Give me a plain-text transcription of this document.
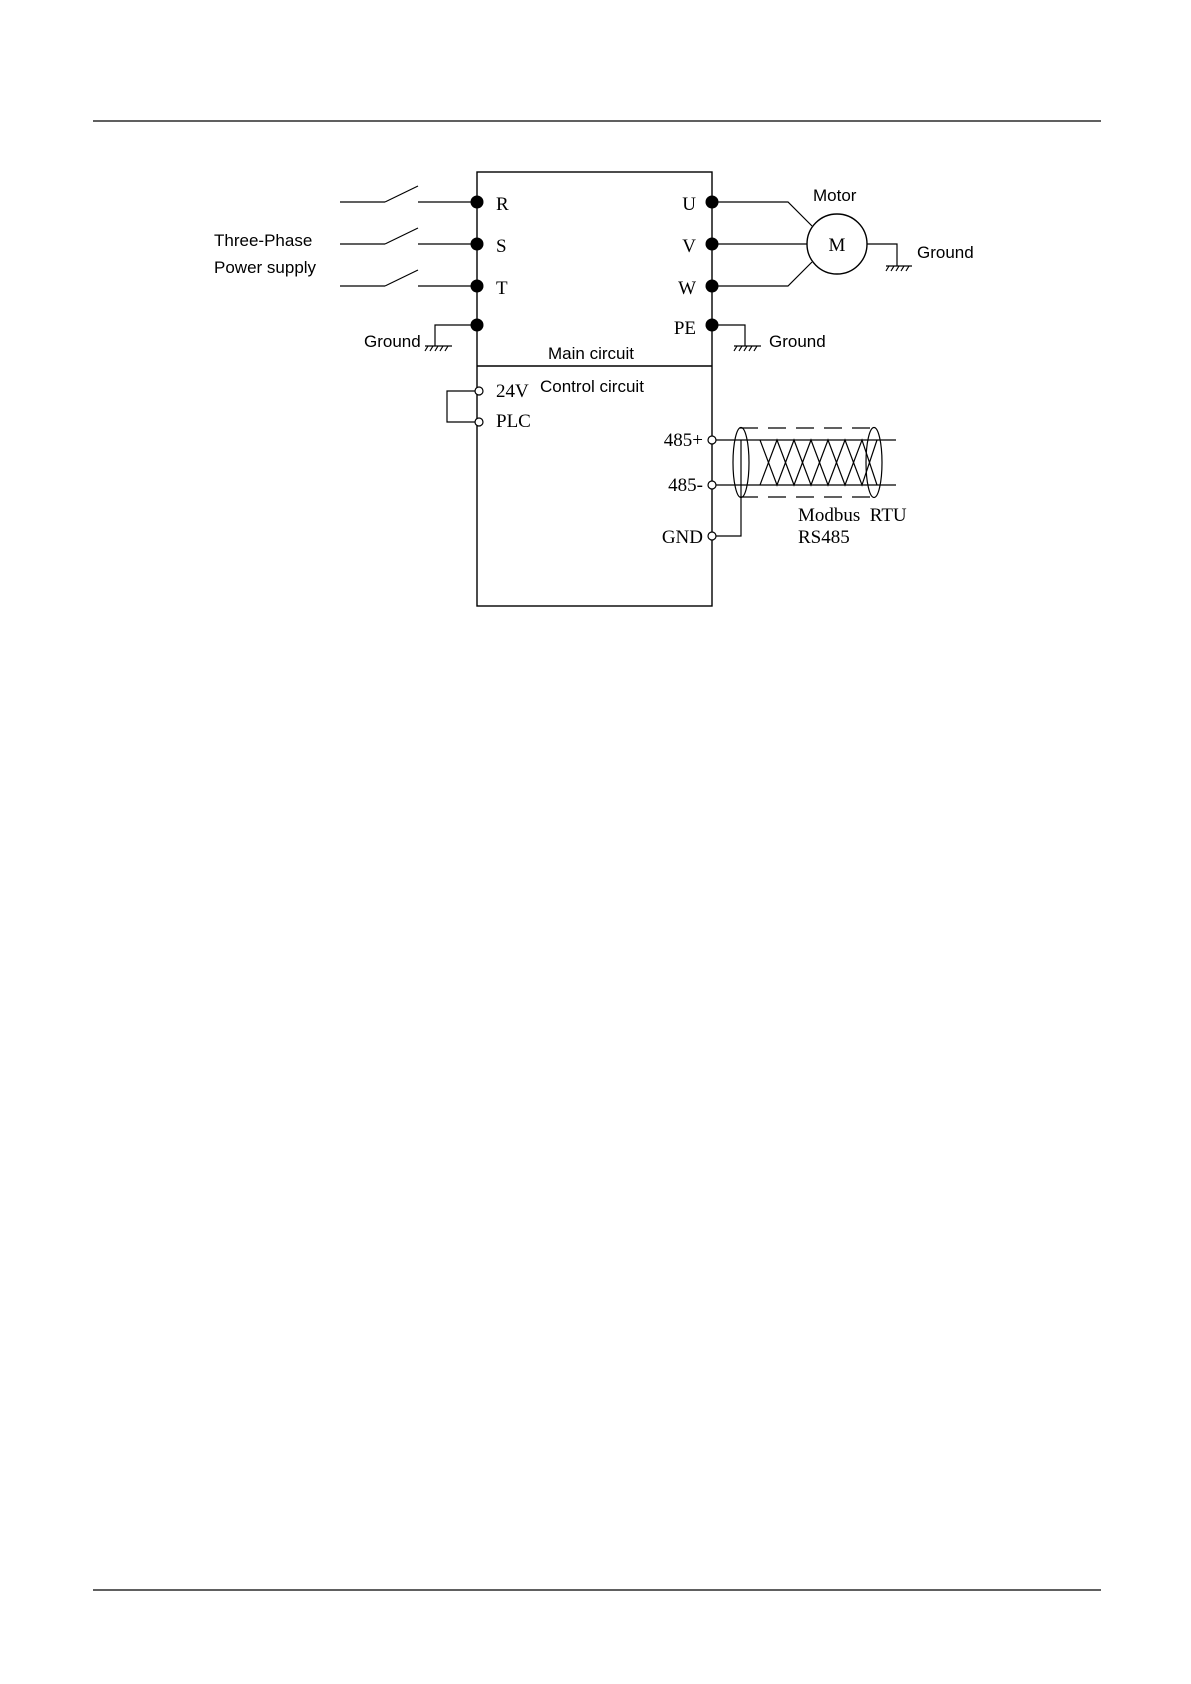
Three-Phase
Power supply
Ground	Ground
Ground
Motor
M
Main circuit
Control circuit
Modbus  RTU
RS485
R
S
T
U
V
W
PE
24V
PLC
485+
485-
GND
